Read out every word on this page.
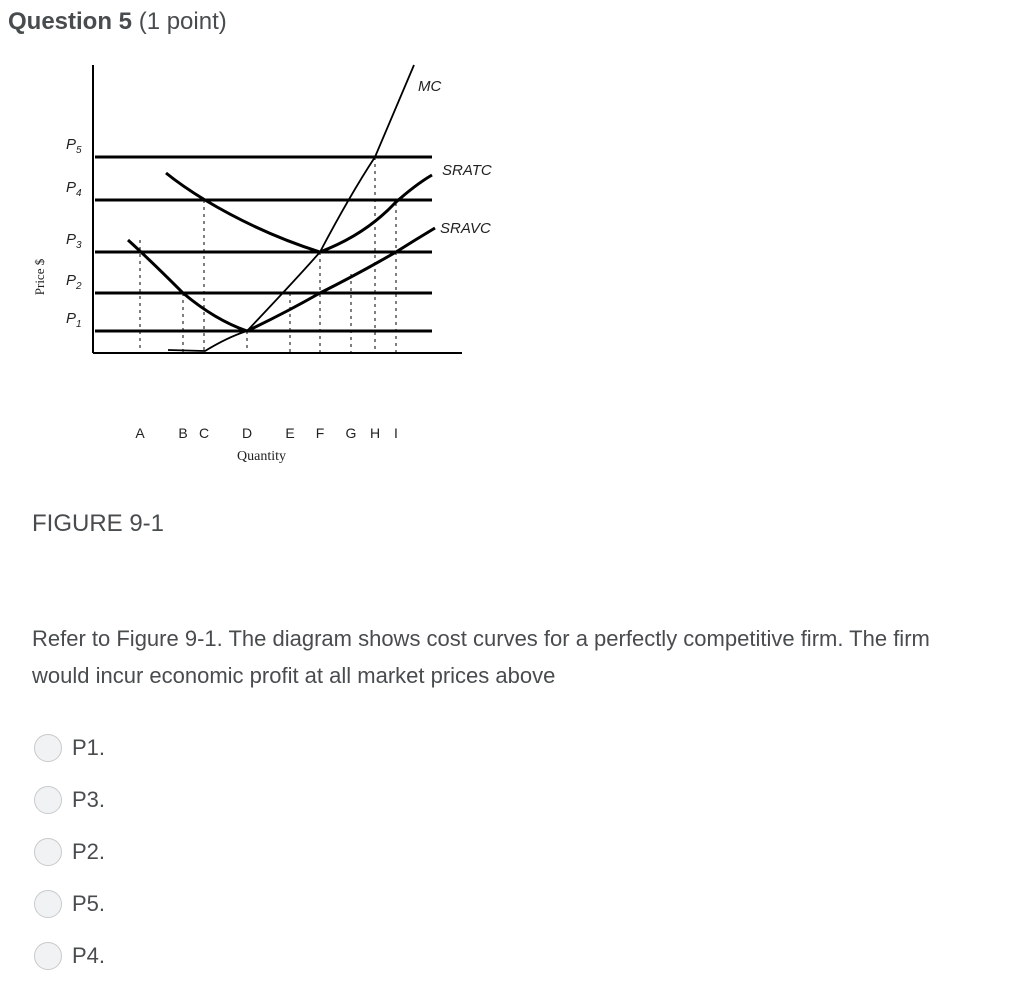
Question 5 (1 point)
$P_1$
$P_2$
$P_3$
$P_4$
$P_5$
MC
SRATC
SRAVC
A B C D E F G H I
Quantity
Price $
FIGURE 9-1
Refer to Figure 9-1. The diagram shows cost curves for a perfectly competitive firm. The firm would incur economic profit at all market prices above
P1.
P3.
P2.
P5.
P4.
